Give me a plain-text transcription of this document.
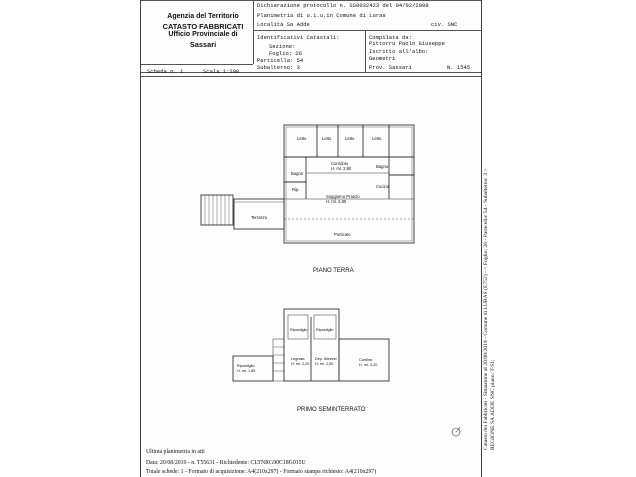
Agenzia del Territorio
CATASTO FABBRICATI
Ufficio Provinciale di
Sassari
Dichiarazione protocollo n. SS0032423 del 04/02/2008
Planimetria di u.i.u.in Comune di Luras
Località Sa Adde	civ. SNC
Identificativi Catastali:
Sezione:
Foglio: 26
Particella: 54
Subalterno: 3
Compilata da:
Pittorru Paolo Giuseppe
Iscritto all'albo:
Geometri
Prov. Sassari	N. 1545
Scheda n. 1	Scala 1:200
Letto	Letto	Letto	Letto
Corridoio
H. ml. 2,80
Bagno
Bagno
Rip.
Soggiorno Pranzo
H. ml. 2,80
Cucina
Terrazzo
Porticato
PIANO TERRA
Ripostiglio
H. ml. 1,85
Ripostiglio Ripostiglio
Legnaia
H. ml. 2,20
Dep. Attrezzi
H. ml. 2,50
Cantina
H. ml. 2,20
PRIMO SEMINTERRATO
Ultima planimetria in atti
Data: 20/08/2019 - n. T55631 - Richiedente: CLTNRG90C18G015U
Totale schede: 1 - Formato di acquisizione: A4(210x297) - Formato stampa richiesto: A4(210x297)
Catasto dei Fabbricati - Situazione al 20/08/2019 - Comune di LURAS (E752) - < Foglio: 26 - Particella: 54 - Subalterno: 3 > REGIONE SA ADDE SNC piano: T-S1;
